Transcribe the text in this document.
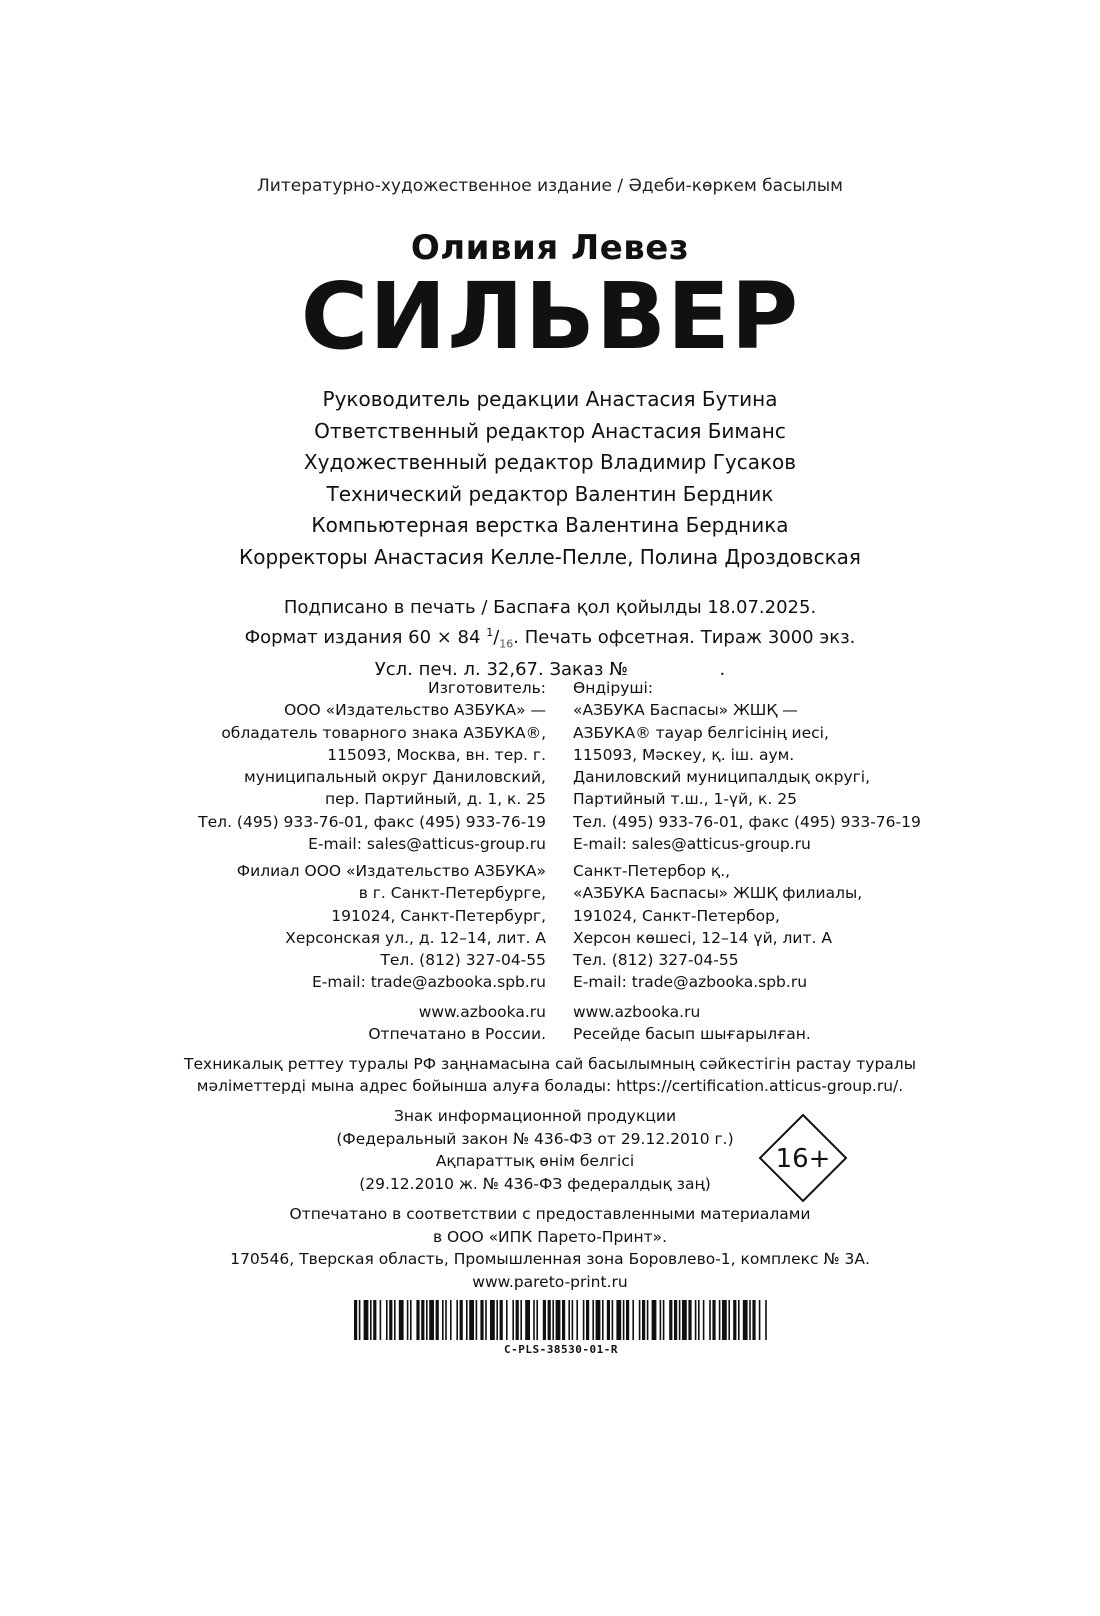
Литературно-художественное издание / Әдеби-көркем басылым
Оливия Левез
СИЛЬВЕР
Руководитель редакции Анастасия Бутина
Ответственный редактор Анастасия Биманс
Художественный редактор Владимир Гусаков
Технический редактор Валентин Бердник
Компьютерная верстка Валентина Бердника
Корректоры Анастасия Келле-Пелле, Полина Дроздовская
Подписано в печать / Баспаға қол қойылды 18.07.2025.
Формат издания 60 × 84 $^1/_{16}$. Печать офсетная. Тираж 3000 экз.
Усл. печ. л. 32,67. Заказ №                .
Изготовитель:
ООО «Издательство АЗБУКА» —
обладатель товарного знака АЗБУКА®,
115093, Москва, вн. тер. г.
муниципальный округ Даниловский,
пер. Партийный, д. 1, к. 25
Тел. (495) 933-76-01, факс (495) 933-76-19
E-mail: sales@atticus-group.ru
Өндіруші:
«АЗБУКА Баспасы» ЖШҚ —
АЗБУКА® тауар белгісінің иесі,
115093, Мәскеу, қ. іш. аум.
Даниловский муниципалдық округі,
Партийный т.ш., 1-үй, к. 25
Тел. (495) 933-76-01, факс (495) 933-76-19
E-mail: sales@atticus-group.ru
Филиал ООО «Издательство АЗБУКА»
в г. Санкт-Петербурге,
191024, Санкт-Петербург,
Херсонская ул., д. 12–14, лит. А
Тел. (812) 327-04-55
E-mail: trade@azbooka.spb.ru
Санкт-Петербор қ.,
«АЗБУКА Баспасы» ЖШҚ филиалы,
191024, Санкт-Петербор,
Херсон көшесі, 12–14 үй, лит. А
Тел. (812) 327-04-55
E-mail: trade@azbooka.spb.ru
www.azbooka.ru
Отпечатано в России.
www.azbooka.ru
Ресейде басып шығарылған.
Техникалық реттеу туралы РФ заңнамасына сай басылымның сәйкестігін растау туралы
мәліметтерді мына адрес бойынша алуға болады: https://certification.atticus-group.ru/.
Знак информационной продукции
(Федеральный закон № 436-ФЗ от 29.12.2010 г.)
Ақпараттық өнім белгісі
(29.12.2010 ж. № 436-ФЗ федералдық заң)
16+
Отпечатано в соответствии с предоставленными материалами
в ООО «ИПК Парето-Принт».
170546, Тверская область, Промышленная зона Боровлево-1, комплекс № 3А.
www.pareto-print.ru
C-PLS-38530-01-R
